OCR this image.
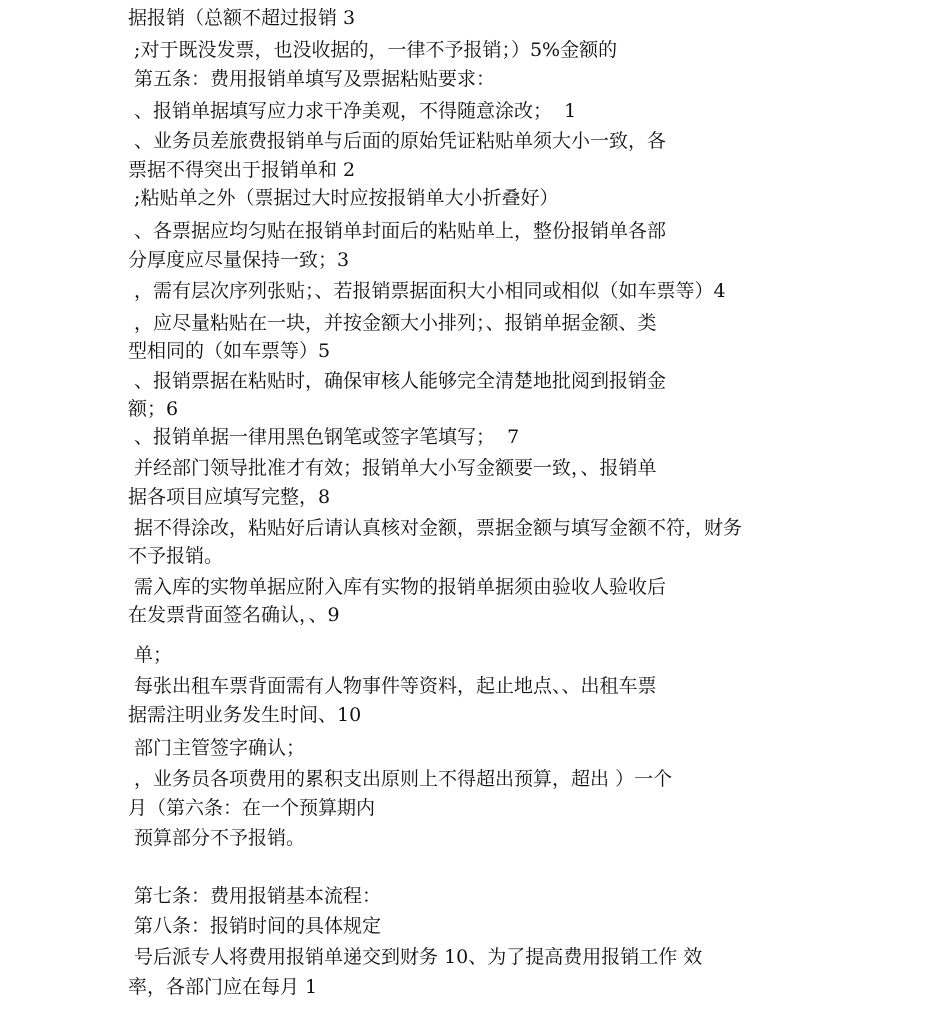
据报销（总额不超过报销 3
;对于既没发票，也没收据的，一律不予报销；）5%金额的
第五条：费用报销单填写及票据粘贴要求：
、报销单据填写应力求干净美观，不得随意涂改；  1
、业务员差旅费报销单与后面的原始凭证粘贴单须大小一致，各
票据不得突出于报销单和 2
;粘贴单之外（票据过大时应按报销单大小折叠好）
、各票据应均匀贴在报销单封面后的粘贴单上，整份报销单各部
分厚度应尽量保持一致；3
，需有层次序列张贴；、若报销票据面积大小相同或相似（如车票等）4
，应尽量粘贴在一块，并按金额大小排列；、报销单据金额、类
型相同的（如车票等）5
、报销票据在粘贴时，确保审核人能够完全清楚地批阅到报销金
额；6
、报销单据一律用黑色钢笔或签字笔填写；  7
并经部门领导批准才有效；报销单大小写金额要一致，、报销单
据各项目应填写完整，8
据不得涂改，粘贴好后请认真核对金额，票据金额与填写金额不符，财务
不予报销。
需入库的实物单据应附入库有实物的报销单据须由验收人验收后
在发票背面签名确认，、9
单；
每张出租车票背面需有人物事件等资料，起止地点、、出租车票
据需注明业务发生时间、10
部门主管签字确认；
，业务员各项费用的累积支出原则上不得超出预算，超出 ）一个
月（第六条：在一个预算期内
预算部分不予报销。
第七条：费用报销基本流程：
第八条：报销时间的具体规定
号后派专人将费用报销单递交到财务 10、为了提高费用报销工作 效
率，各部门应在每月 1
